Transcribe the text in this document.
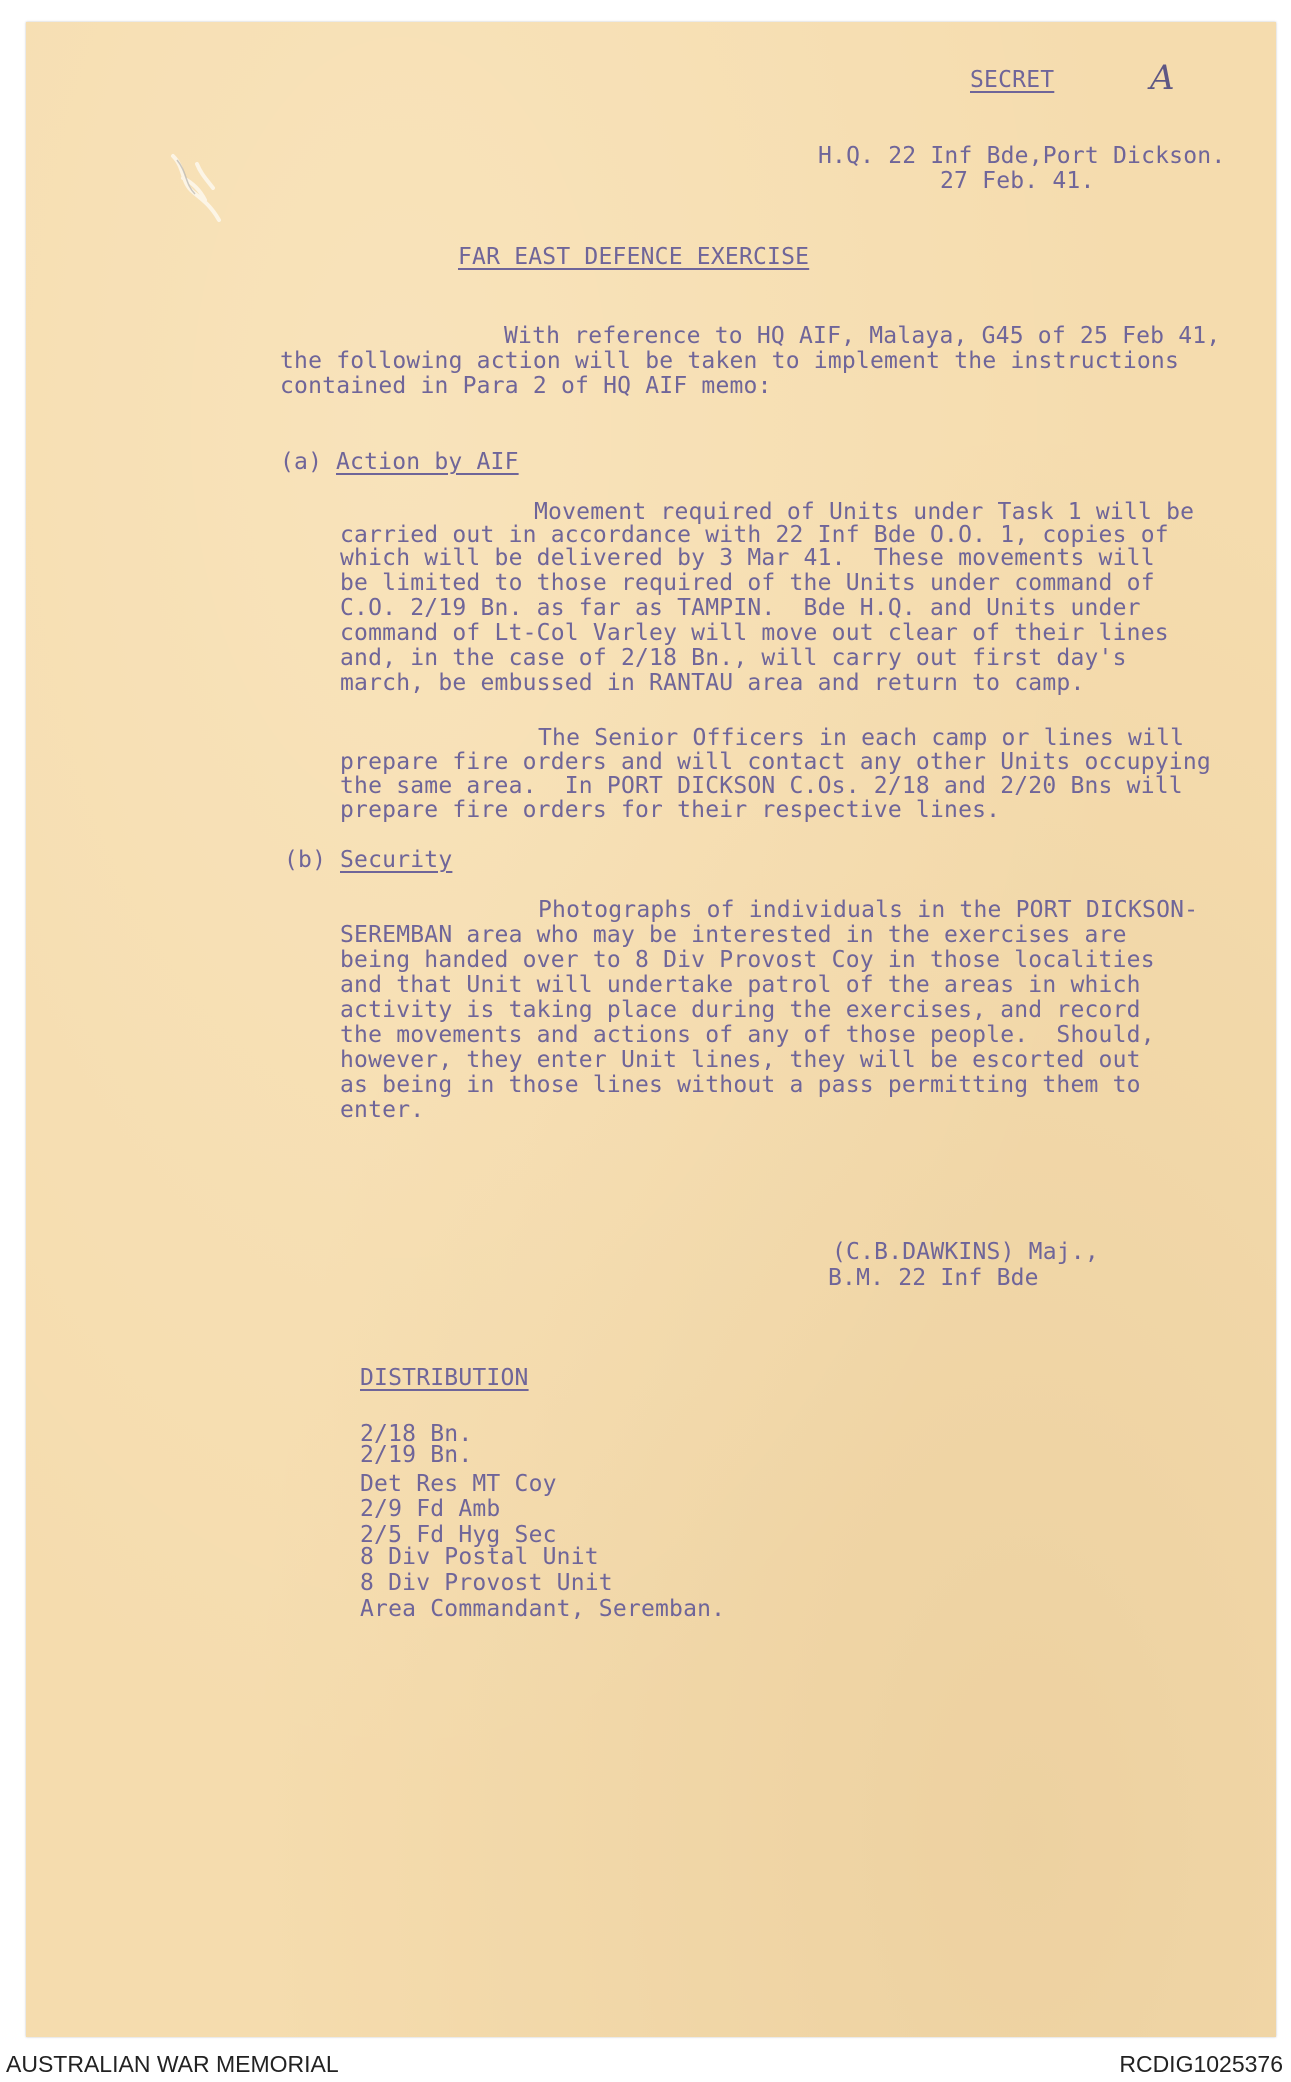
SECRET	A
H.Q. 22 Inf Bde,Port Dickson.
27 Feb. 41.
FAR EAST DEFENCE EXERCISE
With reference to HQ AIF, Malaya, G45 of 25 Feb 41,
the following action will be taken to implement the instructions
contained in Para 2 of HQ AIF memo:
(a) Action by AIF
Movement required of Units under Task 1 will be
carried out in accordance with 22 Inf Bde O.O. 1, copies of
which will be delivered by 3 Mar 41.  These movements will
be limited to those required of the Units under command of
C.O. 2/19 Bn. as far as TAMPIN.  Bde H.Q. and Units under
command of Lt-Col Varley will move out clear of their lines
and, in the case of 2/18 Bn., will carry out first day's
march, be embussed in RANTAU area and return to camp.
The Senior Officers in each camp or lines will
prepare fire orders and will contact any other Units occupying
the same area.  In PORT DICKSON C.Os. 2/18 and 2/20 Bns will
prepare fire orders for their respective lines.
(b) Security
Photographs of individuals in the PORT DICKSON-
SEREMBAN area who may be interested in the exercises are
being handed over to 8 Div Provost Coy in those localities
and that Unit will undertake patrol of the areas in which
activity is taking place during the exercises, and record
the movements and actions of any of those people.  Should,
however, they enter Unit lines, they will be escorted out
as being in those lines without a pass permitting them to
enter.
(C.B.DAWKINS) Maj.,
B.M. 22 Inf Bde
DISTRIBUTION
2/18 Bn.
2/19 Bn.
Det Res MT Coy
2/9 Fd Amb
2/5 Fd Hyg Sec
8 Div Postal Unit
8 Div Provost Unit
Area Commandant, Seremban.
AUSTRALIAN WAR MEMORIAL	RCDIG1025376
